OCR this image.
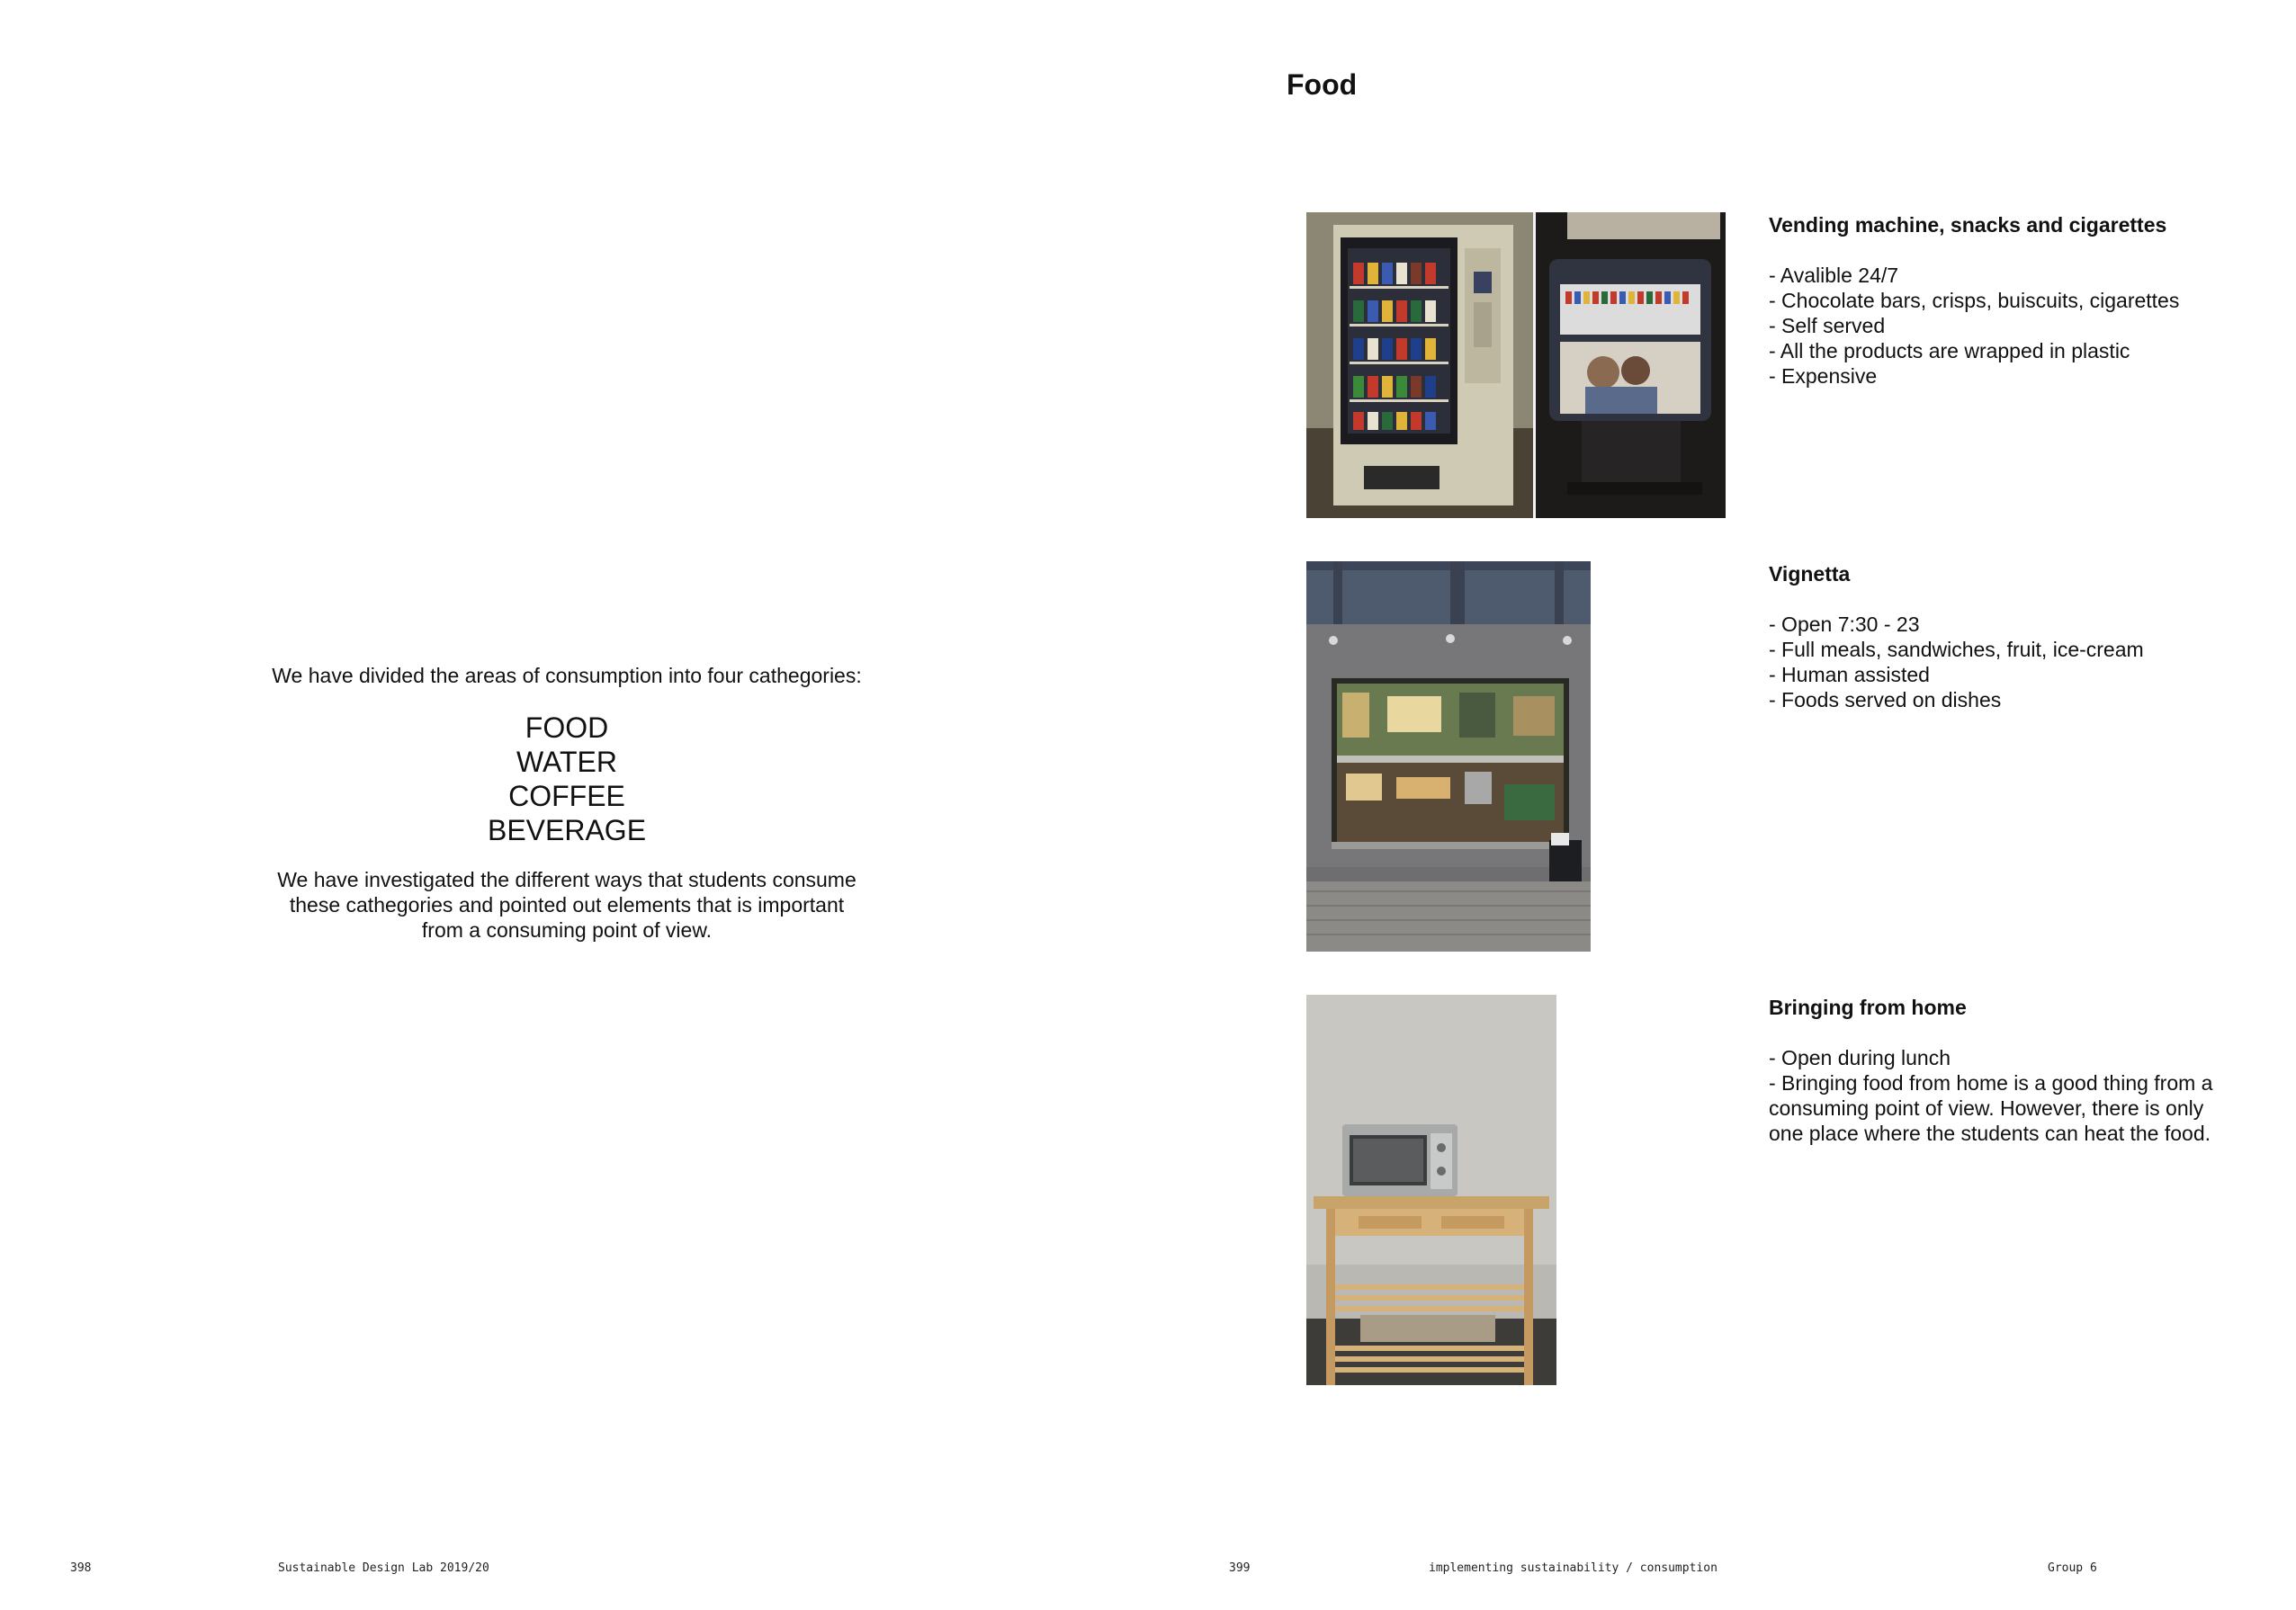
We have divided the areas of consumption into four cathegories:
FOOD
WATER
COFFEE
BEVERAGE
We have investigated the different ways that students consume
these cathegories and pointed out elements that is important
from a consuming point of view.
398	Sustainable Design Lab 2019/20
Food
Vending machine, snacks and cigarettes
- Avalible 24/7
- Chocolate bars, crisps, buiscuits, cigarettes
- Self served
- All the products are wrapped in plastic
- Expensive
Vignetta
- Open 7:30 - 23
- Full meals, sandwiches, fruit, ice-cream
- Human assisted
- Foods served on dishes
Bringing from home
- Open during lunch
- Bringing food from home is a good thing from a
consuming point of view. However, there is only
one place where the students can heat the food.
399	implementing sustainability / consumption	Group 6
